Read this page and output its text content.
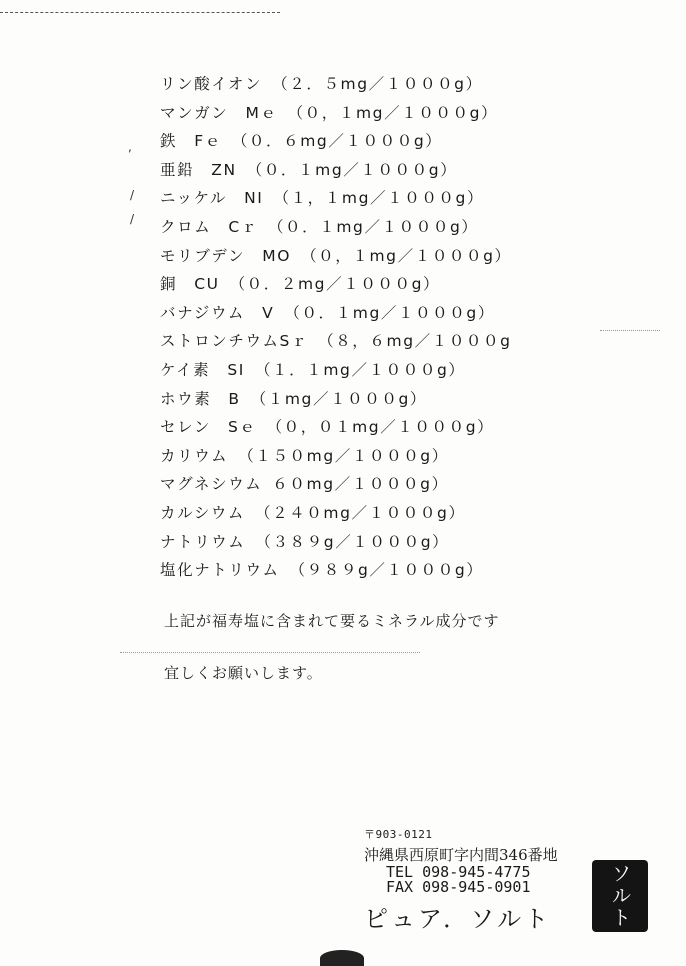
,
/
/
リン酸イオン （２．５mg／１０００g）
マンガン　Mｅ （０，１mg／１０００g）
鉄　Fｅ （０．６mg／１０００g）
亜鉛　ZN （０．１mg／１０００g）
ニッケル　NI （１，１mg／１０００g）
クロム　Cｒ （０．１mg／１０００g）
モリブデン　MO （０，１mg／１０００g）
銅　CU （０．２mg／１０００g）
バナジウム　V （０．１mg／１０００g）
ストロンチウムSｒ （８，６mg／１０００g
ケイ素　SI （１．１mg／１０００g）
ホウ素　B （１mg／１０００g）
セレン　Sｅ （０，０１mg／１０００g）
カリウム （１５０mg／１０００g）
マグネシウム ６０mg／１０００g）
カルシウム （２４０mg／１０００g）
ナトリウム （３８９g／１０００g）
塩化ナトリウム （９８９g／１０００g）
上記が福寿塩に含まれて要るミネラル成分です
宜しくお願いします。
〒903-0121
沖縄県西原町字内間346番地
TEL 098-945-4775
FAX 098-945-0901
ピュア．ソルト	ソルト
